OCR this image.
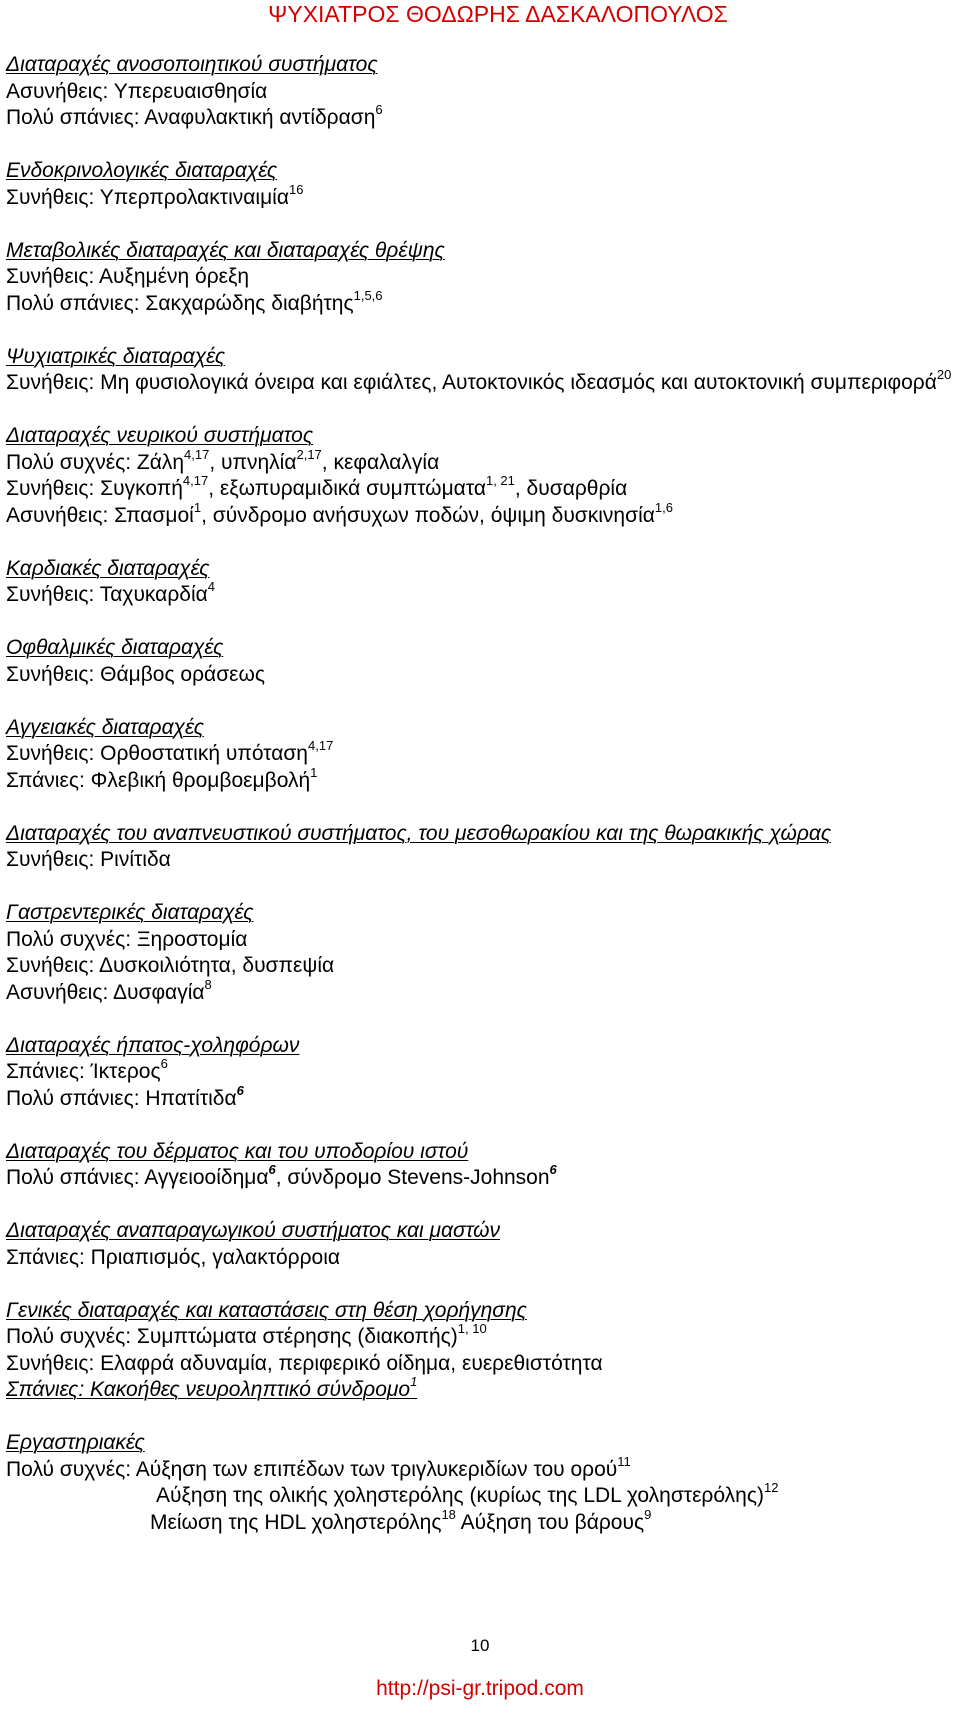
ΨΥΧΙΑΤΡΟΣ ΘΟΔΩΡΗΣ ΔΑΣΚΑΛΟΠΟΥΛΟΣ
Διαταραχές ανοσοποιητικού συστήματος
Ασυνήθεις: Υπερευαισθησία
Πολύ σπάνιες: Αναφυλακτική αντίδραση$^6$
Ενδοκρινολογικές διαταραχές
Συνήθεις: Υπερπρολακτιναιμία$^{16}$
Μεταβολικές διαταραχές και διαταραχές θρέψης
Συνήθεις: Αυξημένη όρεξη
Πολύ σπάνιες: Σακχαρώδης διαβήτης$^{1,5,6}$
Ψυχιατρικές διαταραχές
Συνήθεις: Μη φυσιολογικά όνειρα και εφιάλτες, Αυτοκτονικός ιδεασμός και αυτοκτονική συμπεριφορά$^{20}$
Διαταραχές νευρικού συστήματος
Πολύ συχνές: Ζάλη$^{4,17}$, υπνηλία$^{2,17}$, κεφαλαλγία
Συνήθεις: Συγκοπή$^{4,17}$, εξωπυραμιδικά συμπτώματα$^{1, 21}$, δυσαρθρία
Ασυνήθεις: Σπασμοί$^1$, σύνδρομο ανήσυχων ποδών, όψιμη δυσκινησία$^{1,6}$
Καρδιακές διαταραχές
Συνήθεις: Ταχυκαρδία$^4$
Οφθαλμικές διαταραχές
Συνήθεις: Θάμβος οράσεως
Αγγειακές διαταραχές
Συνήθεις: Ορθοστατική υπόταση$^{4,17}$
Σπάνιες: Φλεβική θρομβοεμβολή$^1$
Διαταραχές του αναπνευστικού συστήματος, του μεσοθωρακίου και της θωρακικής χώρας
Συνήθεις: Ρινίτιδα
Γαστρεντερικές διαταραχές
Πολύ συχνές: Ξηροστομία
Συνήθεις: Δυσκοιλιότητα, δυσπεψία
Ασυνήθεις: Δυσφαγία$^8$
Διαταραχές ήπατος-χοληφόρων
Σπάνιες: Ίκτερος$^6$
Πολύ σπάνιες: Ηπατίτιδα$^6$
Διαταραχές του δέρματος και του υποδορίου ιστού
Πολύ σπάνιες: Αγγειοοίδημα$^6$, σύνδρομο Stevens-Johnson$^6$
Διαταραχές αναπαραγωγικού συστήματος και μαστών
Σπάνιες: Πριαπισμός, γαλακτόρροια
Γενικές διαταραχές και καταστάσεις στη θέση χορήγησης
Πολύ συχνές: Συμπτώματα στέρησης $(\delta\iota\alpha\kappa o\pi ή\varsigma)^{1, 10}$
Συνήθεις: Ελαφρά αδυναμία, περιφερικό οίδημα, ευερεθιστότητα
Σπάνιες: Κακοήθες νευροληπτικό σύνδρομο$^1$
Εργαστηριακές
Πολύ συχνές: Αύξηση των επιπέδων των τριγλυκεριδίων του ορού$^{11}$
Αύξηση της ολικής χοληστερόλης (κυρίως της LDL χοληστερόλης)$^{12}$
Μείωση της HDL χοληστερόλης$^{18}$ Αύξηση του βάρους$^9$
10
http://psi-gr.tripod.com
